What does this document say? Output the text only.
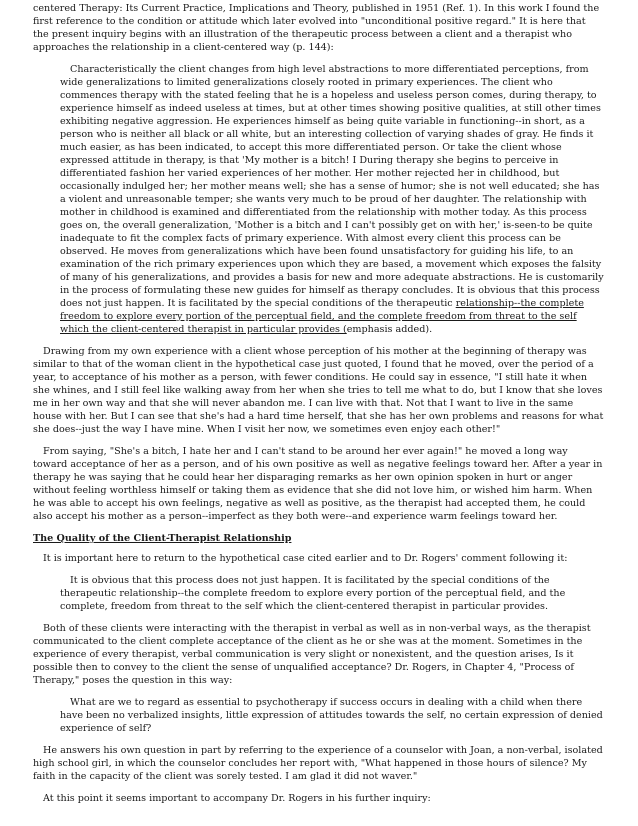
centered Therapy: Its Current Practice, Implications and Theory, published in 1951 (Ref. 1). In this work I found the first reference to the condition or attitude which later evolved into "unconditional positive regard." It is here that the present inquiry begins with an illustration of the therapeutic process between a client and a therapist who approaches the relationship in a client-centered way (p. 144):

Characteristically the client changes from high level abstractions to more differentiated perceptions, from wide generalizations to limited generalizations closely rooted in primary experiences. The client who commences therapy with the stated feeling that he is a hopeless and useless person comes, during therapy, to experience himself as indeed useless at times, but at other times showing positive qualities, at still other times exhibiting negative aggression. He experiences himself as being quite variable in functioning--in short, as a person who is neither all black or all white, but an interesting collection of varying shades of gray. He finds it much easier, as has been indicated, to accept this more differentiated person. Or take the client whose expressed attitude in therapy, is that 'My mother is a bitch! I During therapy she begins to perceive in differentiated fashion her varied experiences of her mother. Her mother rejected her in childhood, but occasionally indulged her; her mother means well; she has a sense of humor; she is not well educated; she has a violent and unreasonable temper; she wants very much to be proud of her daughter. The relationship with mother in childhood is examined and differentiated from the relationship with mother today. As this process goes on, the overall generalization, 'Mother is a bitch and I can't possibly get on with her,' is-seen-to be quite inadequate to fit the complex facts of primary experience. With almost every client this process can be observed. He moves from generalizations which have been found unsatisfactory for guiding his life, to an examination of the rich primary experiences upon which they are based, a movement which exposes the falsity of many of his generalizations, and provides a basis for new and more adequate abstractions. He is customarily in the process of formulating these new guides for himself as therapy concludes. It is obvious that this process does not just happen. It is facilitated by the special conditions of the therapeutic relationship--the complete freedom to explore every portion of the perceptual field, and the complete freedom from threat to the self which the client-centered therapist in particular provides (emphasis added).

Drawing from my own experience with a client whose perception of his mother at the beginning of therapy was similar to that of the woman client in the hypothetical case just quoted, I found that he moved, over the period of a year, to acceptance of his mother as a person, with fewer conditions. He could say in essence, "I still hate it when she whines, and I still feel like walking away from her when she tries to tell me what to do, but I know that she loves me in her own way and that she will never abandon me. I can live with that. Not that I want to live in the same house with her. But I can see that she's had a hard time herself, that she has her own problems and reasons for what she does--just the way I have mine. When I visit her now, we sometimes even enjoy each other!"

From saying, "She's a bitch, I hate her and I can't stand to be around her ever again!" he moved a long way toward acceptance of her as a person, and of his own positive as well as negative feelings toward her. After a year in therapy he was saying that he could hear her disparaging remarks as her own opinion spoken in hurt or anger without feeling worthless himself or taking them as evidence that she did not love him, or wished him harm. When he was able to accept his own feelings, negative as well as positive, as the therapist had accepted them, he could also accept his mother as a person--imperfect as they both were--and experience warm feelings toward her.

The Quality of the Client-Therapist Relationship

It is important here to return to the hypothetical case cited earlier and to Dr. Rogers' comment following it:

It is obvious that this process does not just happen. It is facilitated by the special conditions of the therapeutic relationship--the complete freedom to explore every portion of the perceptual field, and the complete, freedom from threat to the self which the client-centered therapist in particular provides.

Both of these clients were interacting with the therapist in verbal as well as in non-verbal ways, as the therapist communicated to the client complete acceptance of the client as he or she was at the moment. Sometimes in the experience of every therapist, verbal communication is very slight or nonexistent, and the question arises, Is it possible then to convey to the client the sense of unqualified acceptance? Dr. Rogers, in Chapter 4, "Process of Therapy," poses the question in this way:

What are we to regard as essential to psychotherapy if success occurs in dealing with a child when there have been no verbalized insights, little expression of attitudes towards the self, no certain expression of denied experience of self?

He answers his own question in part by referring to the experience of a counselor with Joan, a non-verbal, isolated high school girl, in which the counselor concludes her report with, "What happened in those hours of silence? My faith in the capacity of the client was sorely tested. I am glad it did not waver."

At this point it seems important to accompany Dr. Rogers in his further inquiry:
